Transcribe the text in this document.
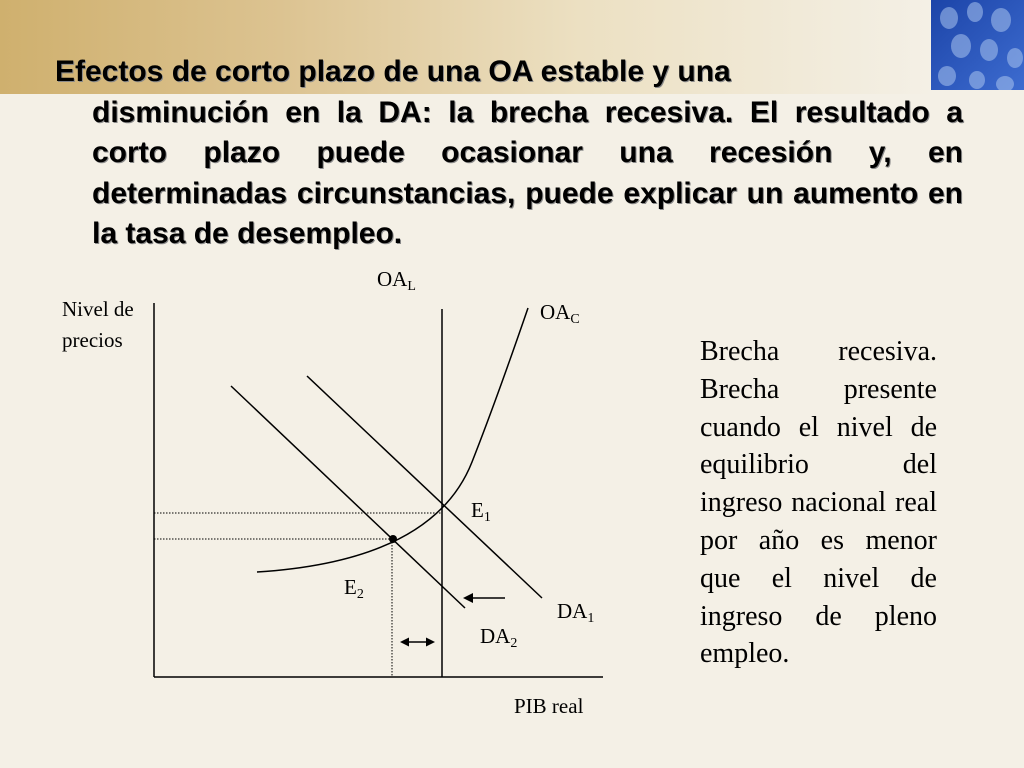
Efectos de corto plazo de una OA estable y una
disminución en la DA: la brecha recesiva. El resultado a corto plazo puede ocasionar una recesión y, en determinadas circunstancias, puede explicar un aumento en la tasa de desempleo.
Nivel de precios
PIB real
$OA_L$
$OA_C$
$E_1$
$E_2$
$DA_1$
$DA_2$
Brecha recesiva. Brecha presente cuando el nivel de equilibrio del ingreso nacional real por año es menor que el nivel de ingreso de pleno empleo.
